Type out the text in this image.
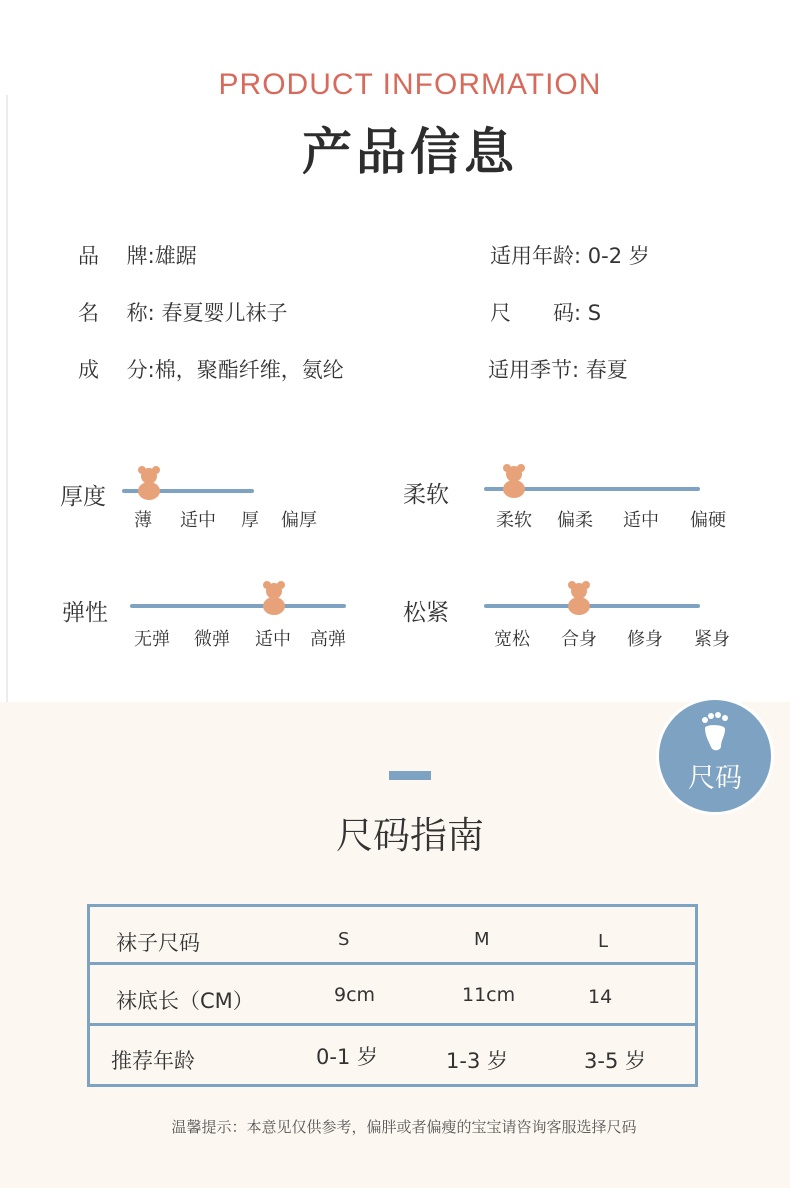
PRODUCT INFORMATION
产品信息
品　 牌:雄踞	适用年龄: 0-2 岁
名　 称: 春夏婴儿袜子	尺　　码: S
成　 分:棉，聚酯纤维，氨纶	适用季节: 春夏
厚度
薄 适中 厚 偏厚
柔软
柔软 偏柔 适中 偏硬
弹性
无弹 微弹 适中 高弹
松紧
宽松 合身 修身 紧身
尺码
尺码指南
袜子尺码	S	M	L
袜底长（CM）	9cm	11cm	14
推荐年龄	0-1 岁	1-3 岁	3-5 岁
温馨提示：本意见仅供参考，偏胖或者偏瘦的宝宝请咨询客服选择尺码
